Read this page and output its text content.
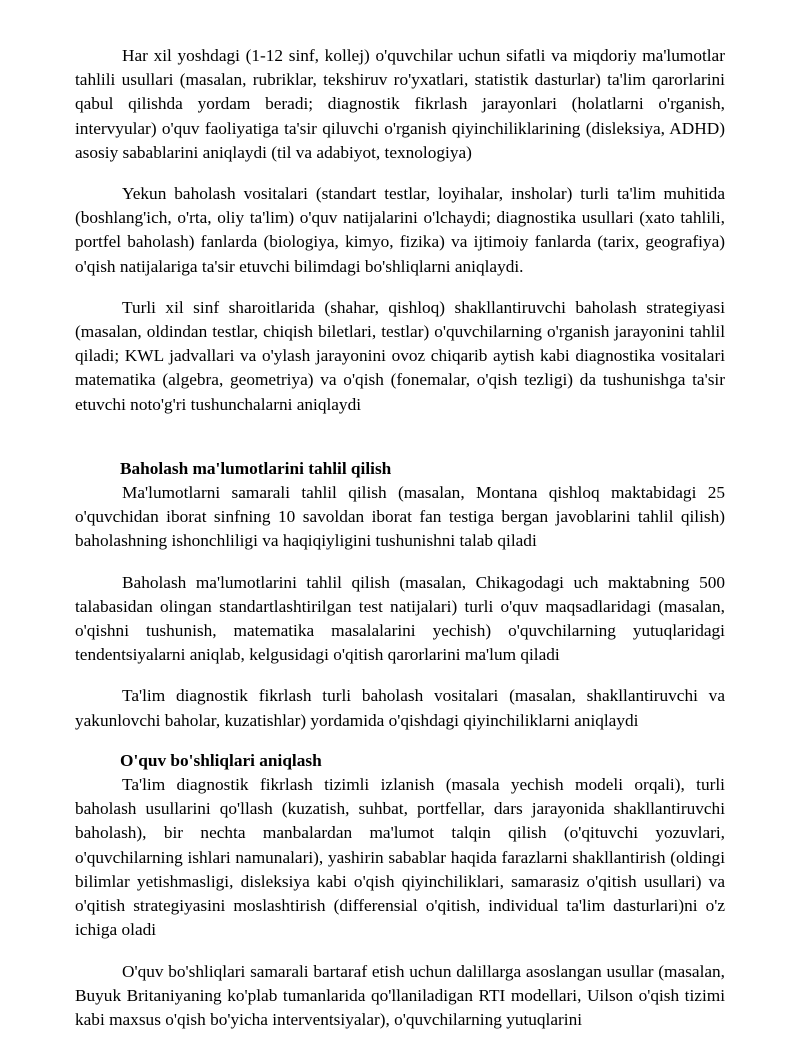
Har xil yoshdagi (1-12 sinf, kollej) o'quvchilar uchun sifatli va miqdoriy ma'lumotlar tahlili usullari (masalan, rubriklar, tekshiruv ro'yxatlari, statistik dasturlar) ta'lim qarorlarini qabul qilishda yordam beradi; diagnostik fikrlash jarayonlari (holatlarni o'rganish, intervyular) o'quv faoliyatiga ta'sir qiluvchi o'rganish qiyinchiliklarining (disleksiya, ADHD) asosiy sabablarini aniqlaydi (til va adabiyot, texnologiya)

Yekun baholash vositalari (standart testlar, loyihalar, insholar) turli ta'lim muhitida (boshlang'ich, o'rta, oliy ta'lim) o'quv natijalarini o'lchaydi; diagnostika usullari (xato tahlili, portfel baholash) fanlarda (biologiya, kimyo, fizika) va ijtimoiy fanlarda (tarix, geografiya) o'qish natijalariga ta'sir etuvchi bilimdagi bo'shliqlarni aniqlaydi.

Turli xil sinf sharoitlarida (shahar, qishloq) shakllantiruvchi baholash strategiyasi (masalan, oldindan testlar, chiqish biletlari, testlar) o'quvchilarning o'rganish jarayonini tahlil qiladi; KWL jadvallari va o'ylash jarayonini ovoz chiqarib aytish kabi diagnostika vositalari matematika (algebra, geometriya) va o'qish (fonemalar, o'qish tezligi) da tushunishga ta'sir etuvchi noto'g'ri tushunchalarni aniqlaydi

Baholash ma'lumotlarini tahlil qilish

Ma'lumotlarni samarali tahlil qilish (masalan, Montana qishloq maktabidagi 25 o'quvchidan iborat sinfning 10 savoldan iborat fan testiga bergan javoblarini tahlil qilish) baholashning ishonchliligi va haqiqiyligini tushunishni talab qiladi

Baholash ma'lumotlarini tahlil qilish (masalan, Chikagodagi uch maktabning 500 talabasidan olingan standartlashtirilgan test natijalari) turli o'quv maqsadlaridagi (masalan, o'qishni tushunish, matematika masalalarini yechish) o'quvchilarning yutuqlaridagi tendentsiyalarni aniqlab, kelgusidagi o'qitish qarorlarini ma'lum qiladi

Ta'lim diagnostik fikrlash turli baholash vositalari (masalan, shakllantiruvchi va yakunlovchi baholar, kuzatishlar) yordamida o'qishdagi qiyinchiliklarni aniqlaydi

O'quv bo'shliqlari aniqlash

Ta'lim diagnostik fikrlash tizimli izlanish (masala yechish modeli orqali), turli baholash usullarini qo'llash (kuzatish, suhbat, portfellar, dars jarayonida shakllantiruvchi baholash), bir nechta manbalardan ma'lumot talqin qilish (o'qituvchi yozuvlari, o'quvchilarning ishlari namunalari), yashirin sabablar haqida farazlarni shakllantirish (oldingi bilimlar yetishmasligi, disleksiya kabi o'qish qiyinchiliklari, samarasiz o'qitish usullari) va o'qitish strategiyasini moslashtirish (differensial o'qitish, individual ta'lim dasturlari)ni o'z ichiga oladi

O'quv bo'shliqlari samarali bartaraf etish uchun dalillarga asoslangan usullar (masalan, Buyuk Britaniyaning ko'plab tumanlarida qo'llaniladigan RTI modellari, Uilson o'qish tizimi kabi maxsus o'qish bo'yicha interventsiyalar), o'quvchilarning yutuqlarini
